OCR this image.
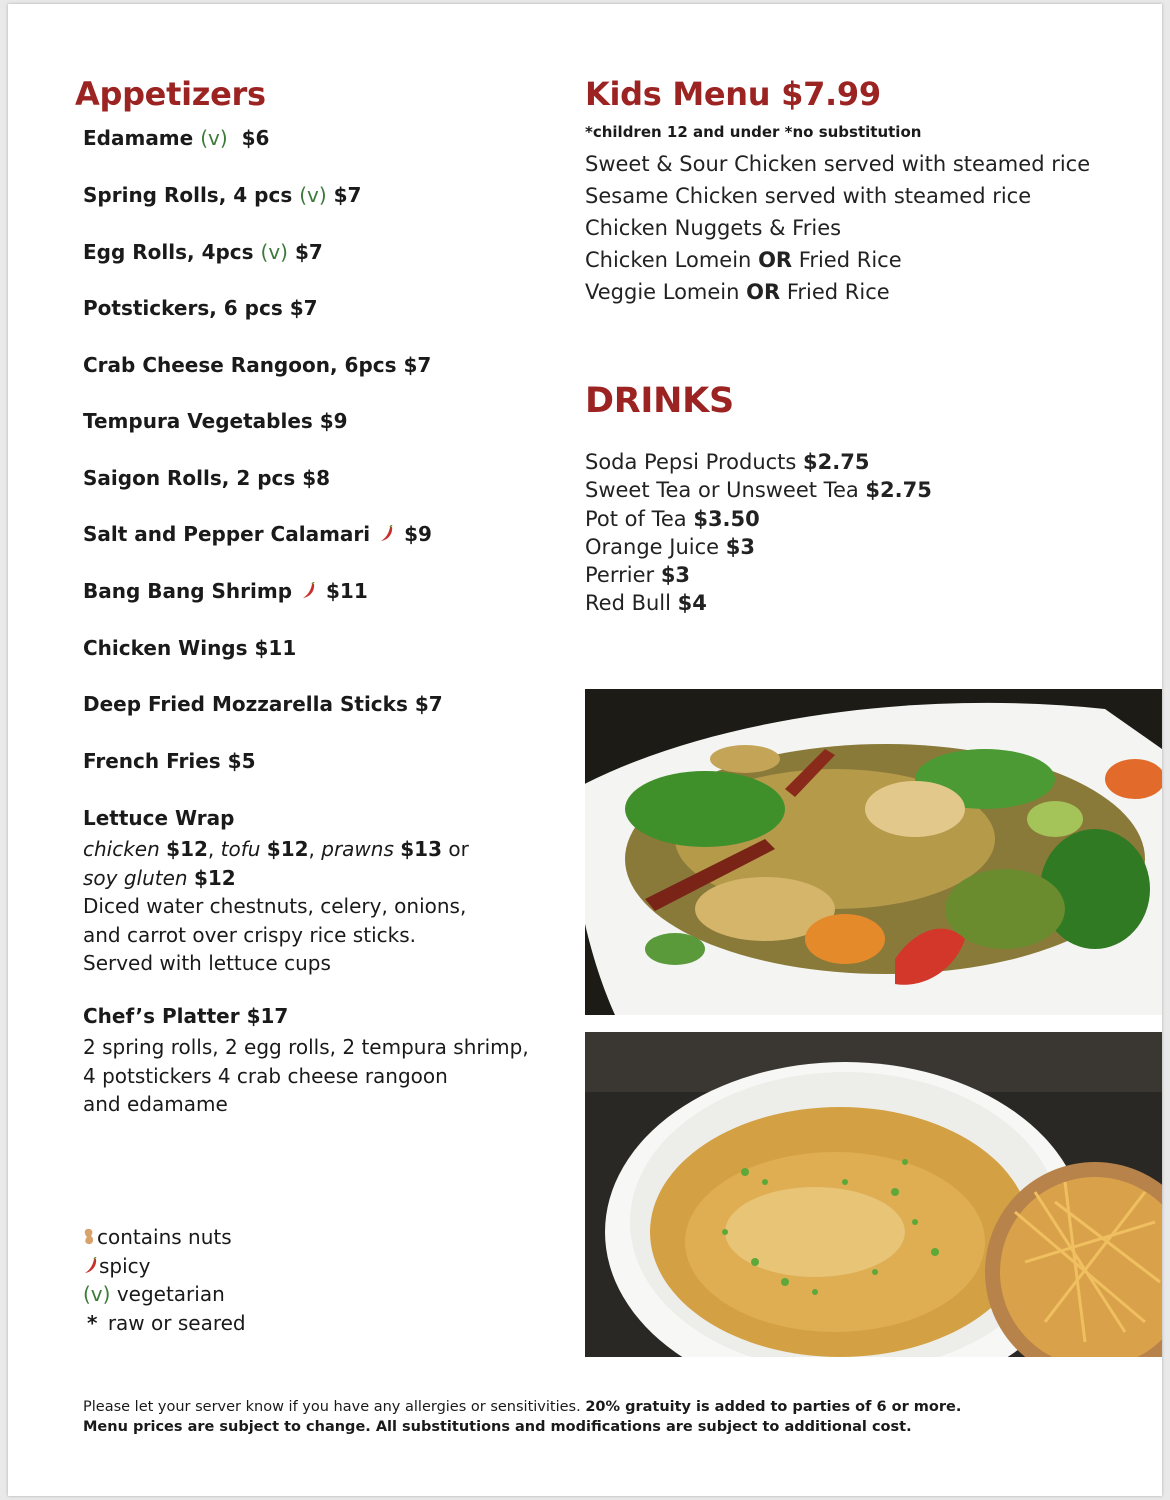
Appetizers

Edamame (v) $6

Spring Rolls, 4 pcs (v) $7

Egg Rolls, 4pcs (v) $7

Potstickers, 6 pcs $7

Crab Cheese Rangoon, 6pcs $7

Tempura Vegetables $9

Saigon Rolls, 2 pcs $8

Salt and Pepper Calamari $9

Bang Bang Shrimp $11

Chicken Wings $11

Deep Fried Mozzarella Sticks $7

French Fries $5

Lettuce Wrap

chicken $12, tofu $12, prawns $13 or
soy gluten $12
Diced water chestnuts, celery, onions,
and carrot over crispy rice sticks.
Served with lettuce cups

Chef’s Platter $17

2 spring rolls, 2 egg rolls, 2 tempura shrimp,
4 potstickers 4 crab cheese rangoon
and edamame

contains nuts
spicy
(v) vegetarian
* raw or seared
Kids Menu $7.99

*children 12 and under *no substitution

Sweet & Sour Chicken served with steamed rice
Sesame Chicken served with steamed rice
Chicken Nuggets & Fries
Chicken Lomein OR Fried Rice
Veggie Lomein OR Fried Rice
DRINKS
Soda Pepsi Products $2.75
Sweet Tea or Unsweet Tea $2.75
Pot of Tea $3.50
Orange Juice $3
Perrier $3
Red Bull $4

Please let your server know if you have any allergies or sensitivities. 20% gratuity is added to parties of 6 or more.
Menu prices are subject to change. All substitutions and modifications are subject to additional cost.
